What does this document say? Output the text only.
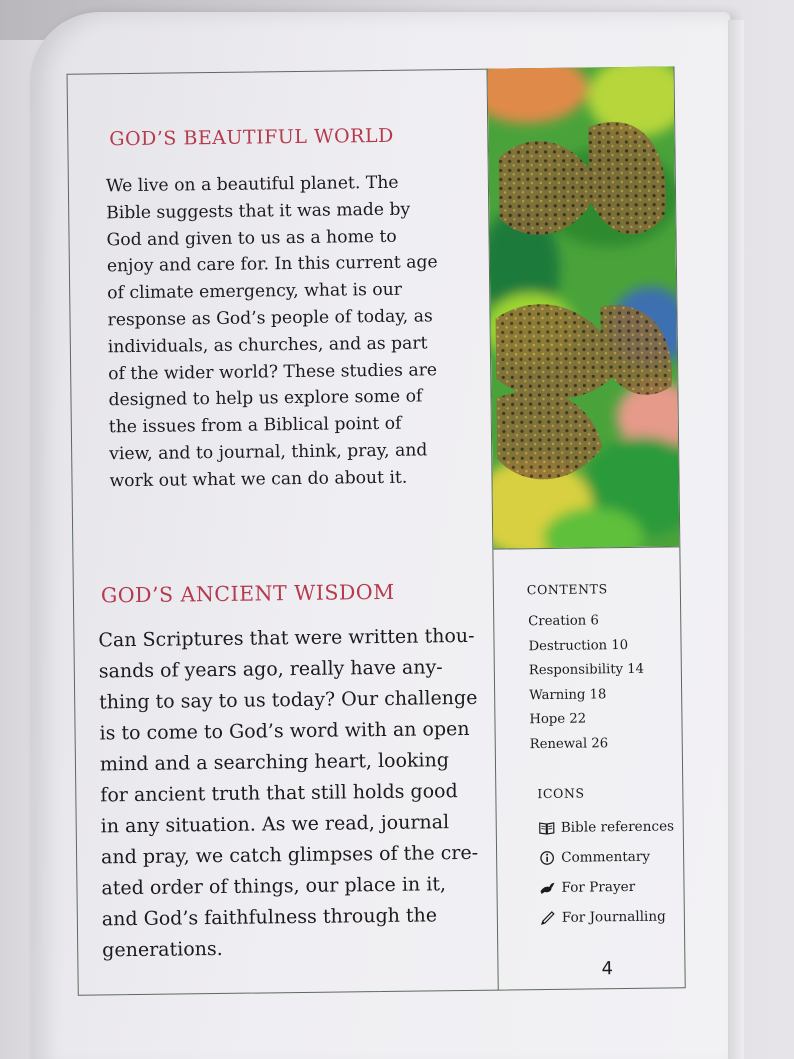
GOD’S BEAUTIFUL WORLD

We live on a beautiful planet. The
Bible suggests that it was made by
God and given to us as a home to
enjoy and care for. In this current age
of climate emergency, what is our
response as God’s people of today, as
individuals, as churches, and as part
of the wider world? These studies are
designed to help us explore some of
the issues from a Biblical point of
view, and to journal, think, pray, and
work out what we can do about it.

GOD’S ANCIENT WISDOM

Can Scriptures that were written thou-
sands of years ago, really have any-
thing to say to us today? Our challenge
is to come to God’s word with an open
mind and a searching heart, looking
for ancient truth that still holds good
in any situation. As we read, journal
and pray, we catch glimpses of the cre-
ated order of things, our place in it,
and God’s faithfulness through the
generations.

CONTENTS
Creation 6
Destruction 10
Responsibility 14
Warning 18
Hope 22
Renewal 26
ICONS
Bible references
Commentary
For Prayer
For Journalling
4
